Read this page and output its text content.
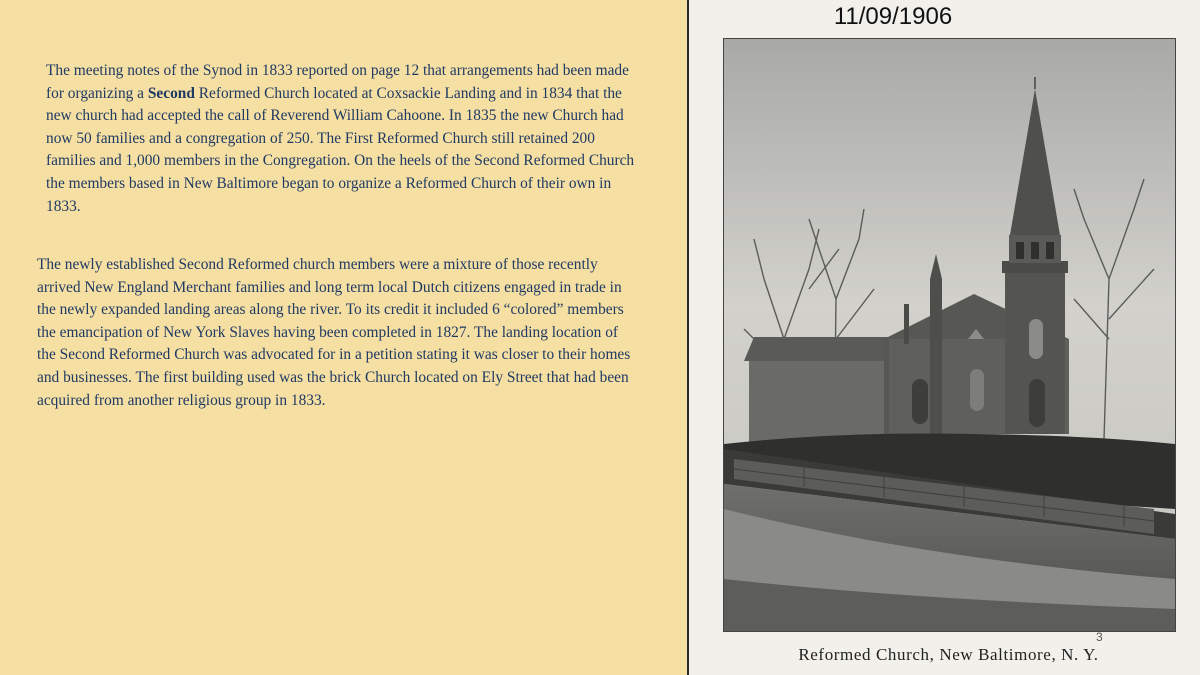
The meeting notes of the Synod in 1833 reported on page 12 that arrangements had been made for organizing a Second Reformed Church located at Coxsackie Landing and in 1834 that the new church had accepted the call of Reverend William Cahoone. In 1835 the new Church had now 50 families and a congregation of 250. The First Reformed Church still retained 200 families and 1,000 members in the Congregation. On the heels of the Second Reformed Church the members based in New Baltimore began to organize a Reformed Church of their own in 1833.

The newly established Second Reformed church members were a mixture of those recently arrived New England Merchant families and long term local Dutch citizens engaged in trade in the newly expanded landing areas along the river. To its credit it included 6 “colored” members the emancipation of New York Slaves having been completed in 1827. The landing location of the Second Reformed Church was advocated for in a petition stating it was closer to their homes and businesses. The first building used was the brick Church located on Ely Street that had been acquired from another religious group in 1833.

11/09/1906
3
Reformed Church, New Baltimore, N. Y.
